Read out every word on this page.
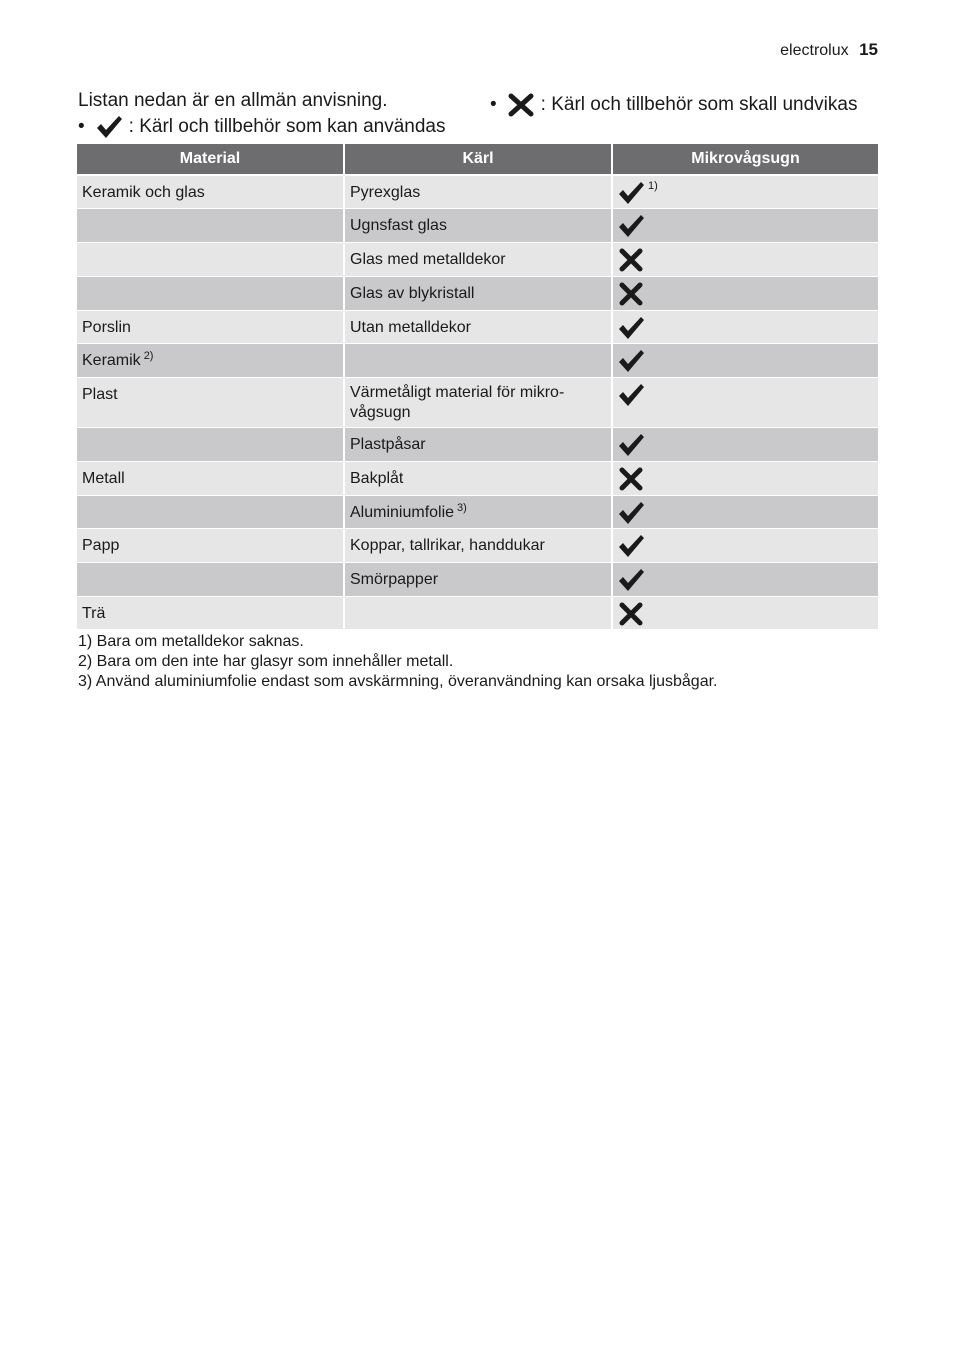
electrolux 15
Listan nedan är en allmän anvisning.
• : Kärl och tillbehör som kan användas
• : Kärl och tillbehör som skall undvikas
Material	Kärl	Mikrovågsugn
Keramik och glas	Pyrexglas	$^{1)}$
	Ugnsfast glas	
	Glas med metalldekor	
	Glas av blykristall	
Porslin	Utan metalldekor	
Keramik $^{2)}$		
Plast	Värmetåligt material för mikro-
vågsugn	
	Plastpåsar	
Metall	Bakplåt	
	Aluminiumfolie $^{3)}$	
Papp	Koppar, tallrikar, handdukar	
	Smörpapper	
Trä		
1) Bara om metalldekor saknas.
2) Bara om den inte har glasyr som innehåller metall.
3) Använd aluminiumfolie endast som avskärmning, överanvändning kan orsaka ljusbågar.
